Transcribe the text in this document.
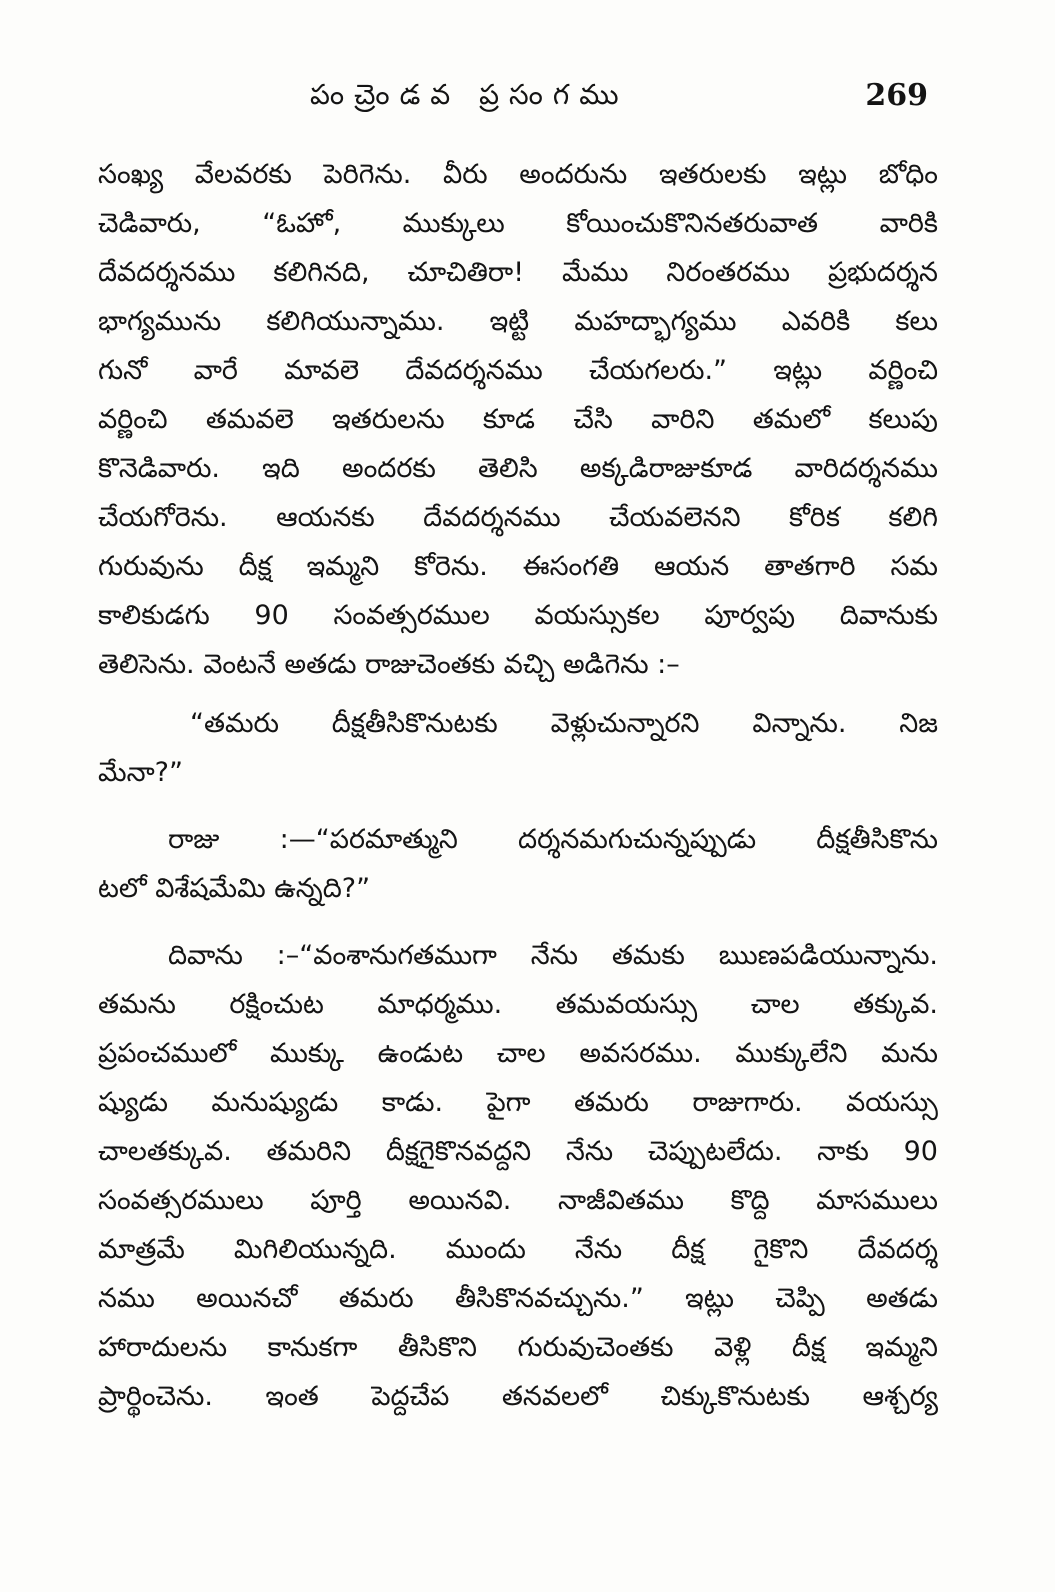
పంచ్రెండవ ప్రసంగము	269
సంఖ్య వేలవరకు పెరిగెను. వీరు అందరును ఇతరులకు ఇట్లు బోధిం
చెడివారు, “ఓహో, ముక్కులు కోయించుకొనినతరువాత వారికి
దేవదర్శనము కలిగినది, చూచితిరా! మేము నిరంతరము ప్రభుదర్శన
భాగ్యమును కలిగియున్నాము. ఇట్టి మహద్భాగ్యము ఎవరికి కలు
గునో వారే మావలె దేవదర్శనము చేయగలరు.” ఇట్లు వర్ణించి
వర్ణించి తమవలె ఇతరులను కూడ చేసి వారిని తమలో కలుపు
కొనెడివారు. ఇది అందరకు తెలిసి అక్కడిరాజుకూడ వారిదర్శనము
చేయగోరెను. ఆయనకు దేవదర్శనము చేయవలెనని కోరిక కలిగి
గురువును దీక్ష ఇమ్మని కోరెను. ఈసంగతి ఆయన తాతగారి సమ
కాలికుడగు 90 సంవత్సరముల వయస్సుకల పూర్వపు దివానుకు
తెలిసెను. వెంటనే అతడు రాజుచెంతకు వచ్చి అడిగెను :–
“తమరు దీక్షతీసికొనుటకు వెళ్లుచున్నారని విన్నాను. నిజ
మేనా?”
రాజు :—“పరమాత్ముని దర్శనమగుచున్నప్పుడు దీక్షతీసికొను
టలో విశేషమేమి ఉన్నది?”
దివాను :–“వంశానుగతముగా నేను తమకు ఋణపడియున్నాను.
తమను రక్షించుట మాధర్మము. తమవయస్సు చాల తక్కువ.
ప్రపంచములో ముక్కు ఉండుట చాల అవసరము. ముక్కులేని మను
ష్యుడు మనుష్యుడు కాడు. పైగా తమరు రాజుగారు. వయస్సు
చాలతక్కువ. తమరిని దీక్షగైకొనవద్దని నేను చెప్పుటలేదు. నాకు 90
సంవత్సరములు పూర్తి అయినవి. నాజీవితము కొద్ది మాసములు
మాత్రమే మిగిలియున్నది. ముందు నేను దీక్ష గైకొని దేవదర్శ
నము అయినచో తమరు తీసికొనవచ్చును.” ఇట్లు చెప్పి అతడు
హారాదులను కానుకగా తీసికొని గురువుచెంతకు వెళ్లి దీక్ష ఇమ్మని
ప్రార్థించెను. ఇంత పెద్దచేప తనవలలో చిక్కుకొనుటకు ఆశ్చర్య
